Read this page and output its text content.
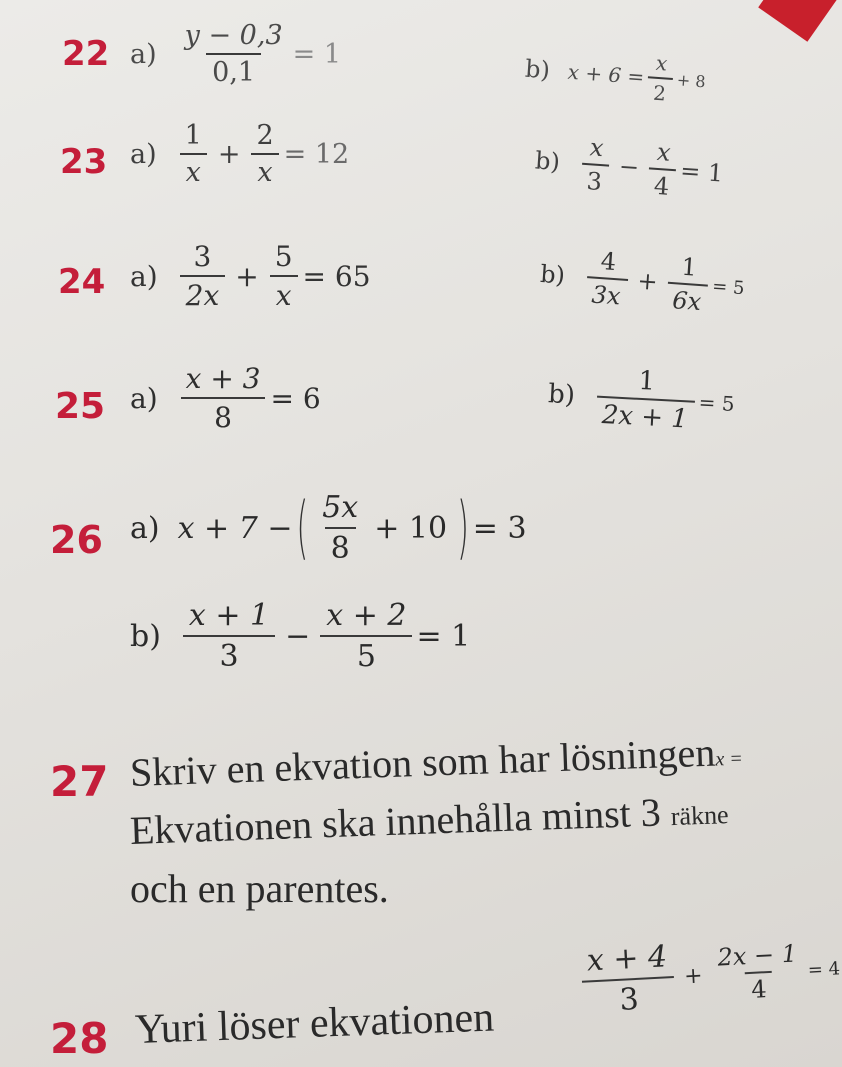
22 $a) \frac{y - 0,3}{0,1} = 1$
b) $x + 6 = \frac{x}{2} + 8$
23 $a) \frac{1}{x} + \frac{2}{x} = 12$	$b) \frac{x}{3} - \frac{x}{4} = 1$
24 $a) \frac{3}{2x} + \frac{5}{x} = 65$	$b) \frac{4}{3x} + \frac{1}{6x} = 5$
25 $a) \frac{x + 3}{8} = 6$	$b) \frac{1}{2x + 1} = 5$
26 a) x + 7 − ( $\frac{5x}{8} + 10$ ) = 3
$b) \frac{x + 1}{3} - \frac{x + 2}{5} = 1$
27 Skriv en ekvation som har lösningenx =
Ekvationen ska innehålla minst 3 räkne
och en parentes.
28 Yuri löser ekvationen
$\frac{x + 4}{3} + \frac{2x - 1}{4} = 4$
